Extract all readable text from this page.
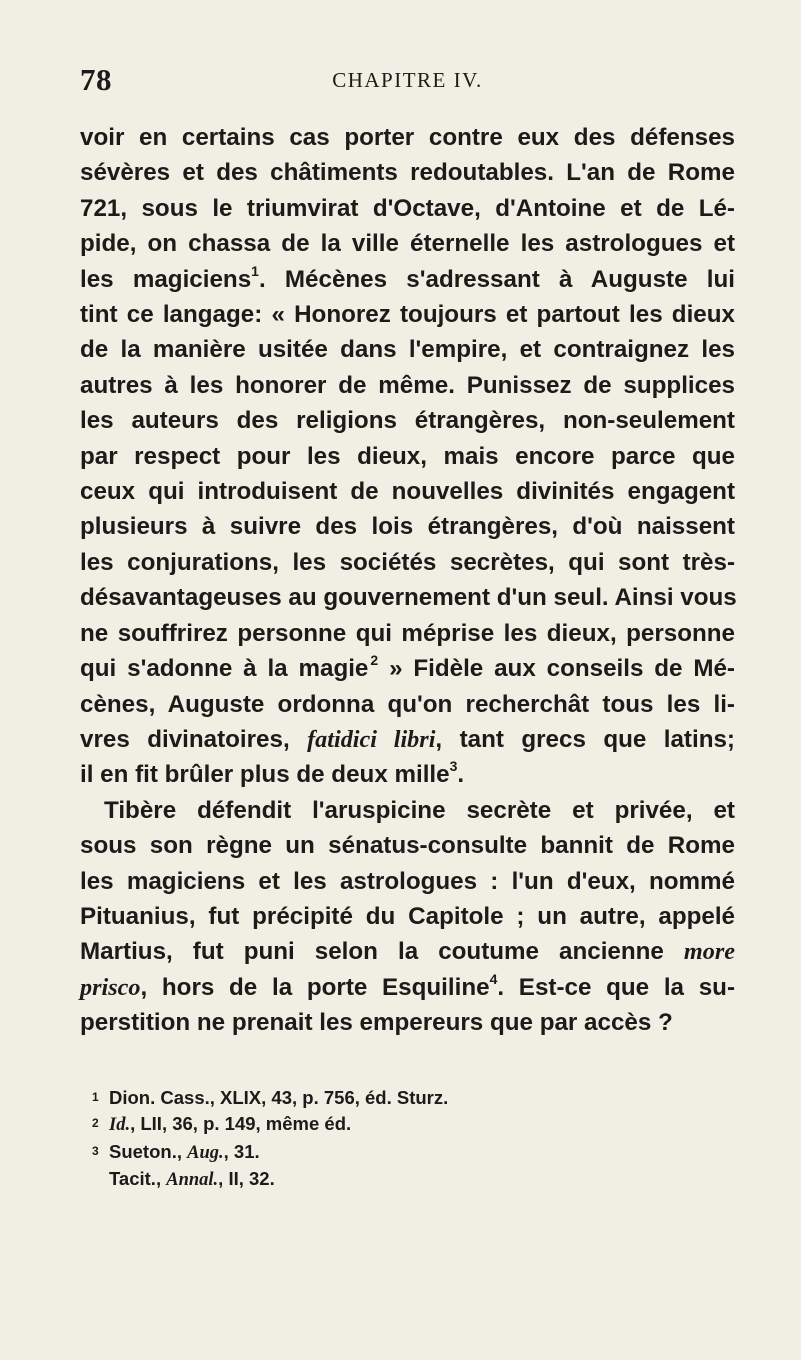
78	CHAPITRE IV.

voir en certains cas porter contre eux des défenses
sévères et des châtiments redoutables. L'an de Rome
721, sous le triumvirat d'Octave, d'Antoine et de Lé-
pide, on chassa de la ville éternelle les astrologues et
les magiciens$^1$. Mécènes s'adressant à Auguste lui
tint ce langage: « Honorez toujours et partout les dieux
de la manière usitée dans l'empire, et contraignez les
autres à les honorer de même. Punissez de supplices
les auteurs des religions étrangères, non-seulement
par respect pour les dieux, mais encore parce que
ceux qui introduisent de nouvelles divinités engagent
plusieurs à suivre des lois étrangères, d'où naissent
les conjurations, les sociétés secrètes, qui sont très-
désavantageuses au gouvernement d'un seul. Ainsi vous
ne souffrirez personne qui méprise les dieux, personne
qui s'adonne à la magie  $^2$ » Fidèle aux conseils de Mé-
cènes, Auguste ordonna qu'on recherchât tous les li-
vres divinatoires, fatidici libri, tant grecs que latins;
il en fit brûler plus de deux mille$^3$.

Tibère défendit l'aruspicine secrète et privée, et
sous son règne un sénatus-consulte bannit de Rome
les magiciens et les astrologues : l'un d'eux, nommé
Pituanius, fut précipité du Capitole ; un autre, appelé
Martius, fut puni selon la coutume ancienne more
prisco, hors de la porte Esquiline$^4$. Est-ce que la su-
perstition ne prenait les empereurs que par accès ?

1 Dion. Cass., XLIX, 43, p. 756, éd. Sturz.
2 Id., LII, 36, p. 149, même éd.
3 Sueton., Aug., 31.
Tacit., Annal., II, 32.
